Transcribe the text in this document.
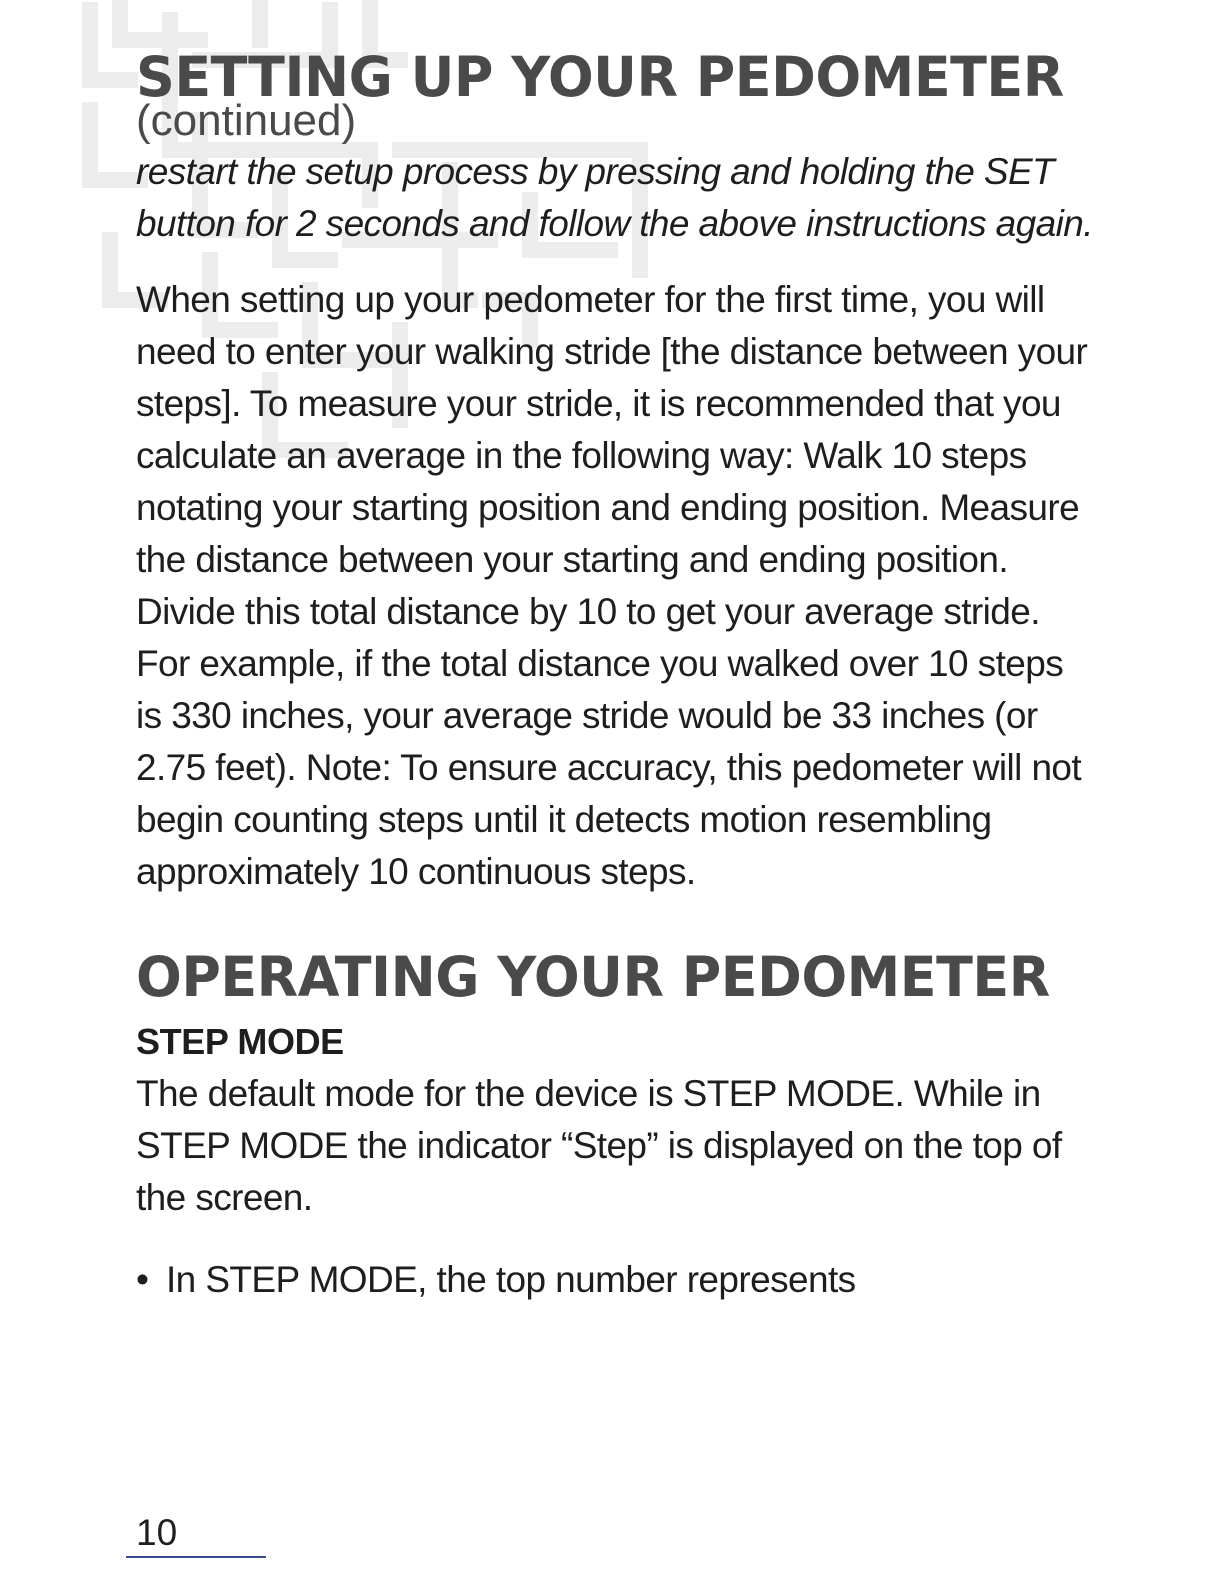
SETTING UP YOUR PEDOMETER
(continued)

restart the setup process by pressing and holding the SET button for 2 seconds and follow the above instructions again.

When setting up your pedometer for the first time, you will need to enter your walking stride [the distance between your steps]. To measure your stride, it is recommended that you calculate an average in the following way: Walk 10 steps notating your starting position and ending position. Measure the distance between your starting and ending position. Divide this total distance by 10 to get your average stride. For example, if the total distance you walked over 10 steps is 330 inches, your average stride would be 33 inches (or 2.75 feet). Note: To ensure accuracy, this pedometer will not begin counting steps until it detects motion resembling approximately 10 continuous steps.

OPERATING YOUR PEDOMETER
STEP MODE

The default mode for the device is STEP MODE. While in STEP MODE the indicator “Step” is displayed on the top of the screen.

• In STEP MODE, the top number represents
10
